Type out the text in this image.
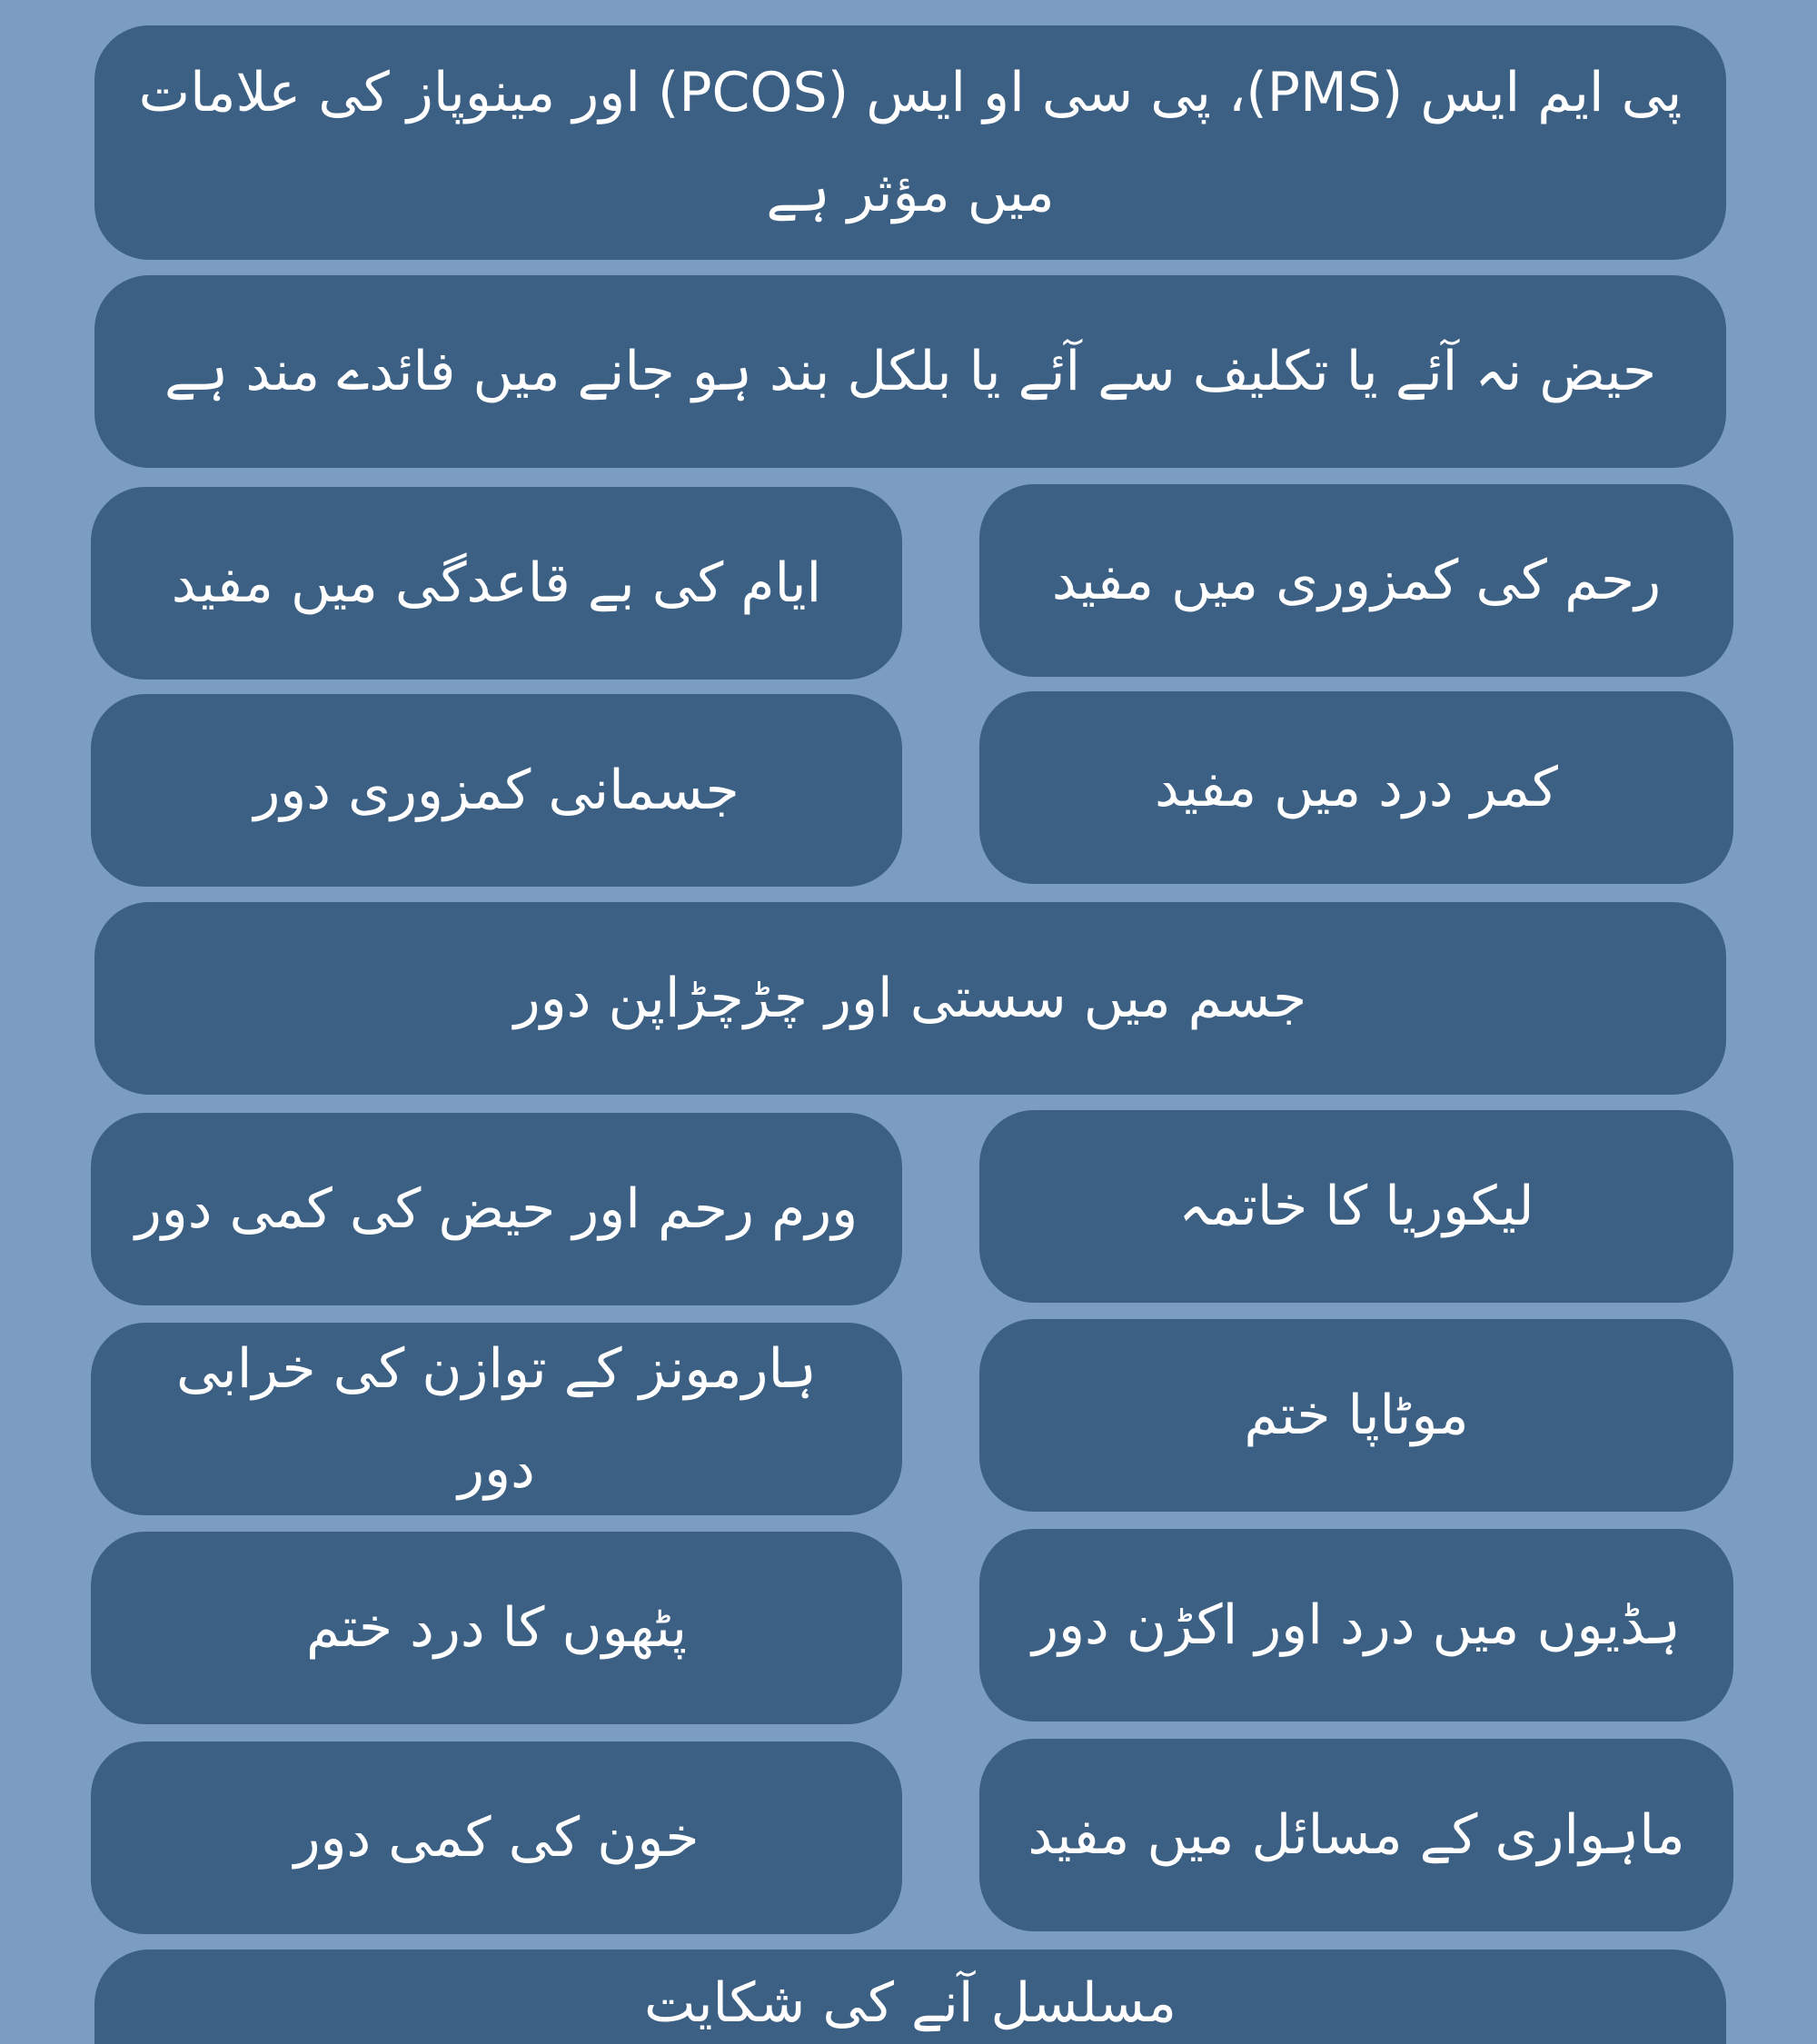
پی ایم ایس (PMS)، پی سی او ایس (PCOS) اور مینوپاز کی علامات میں مؤثر ہے
حیض نہ آئے یا تکلیف سے آئے یا بلکل بند ہو جانے میں فائدے مند ہے
رحم کی کمزوری میں مفید
ایام کی بے قاعدگی میں مفید
کمر درد میں مفید
جسمانی کمزوری دور
جسم میں سستی اور چڑچڑاپن دور
لیکوریا کا خاتمہ
ورم رحم اور حیض کی کمی دور
موٹاپا ختم
ہارمونز کے توازن کی خرابی دور
ہڈیوں میں درد اور اکڑن دور
پٹھوں کا درد ختم
ماہواری کے مسائل میں مفید
خون کی کمی دور
مسلسل آنے کی شکایت
